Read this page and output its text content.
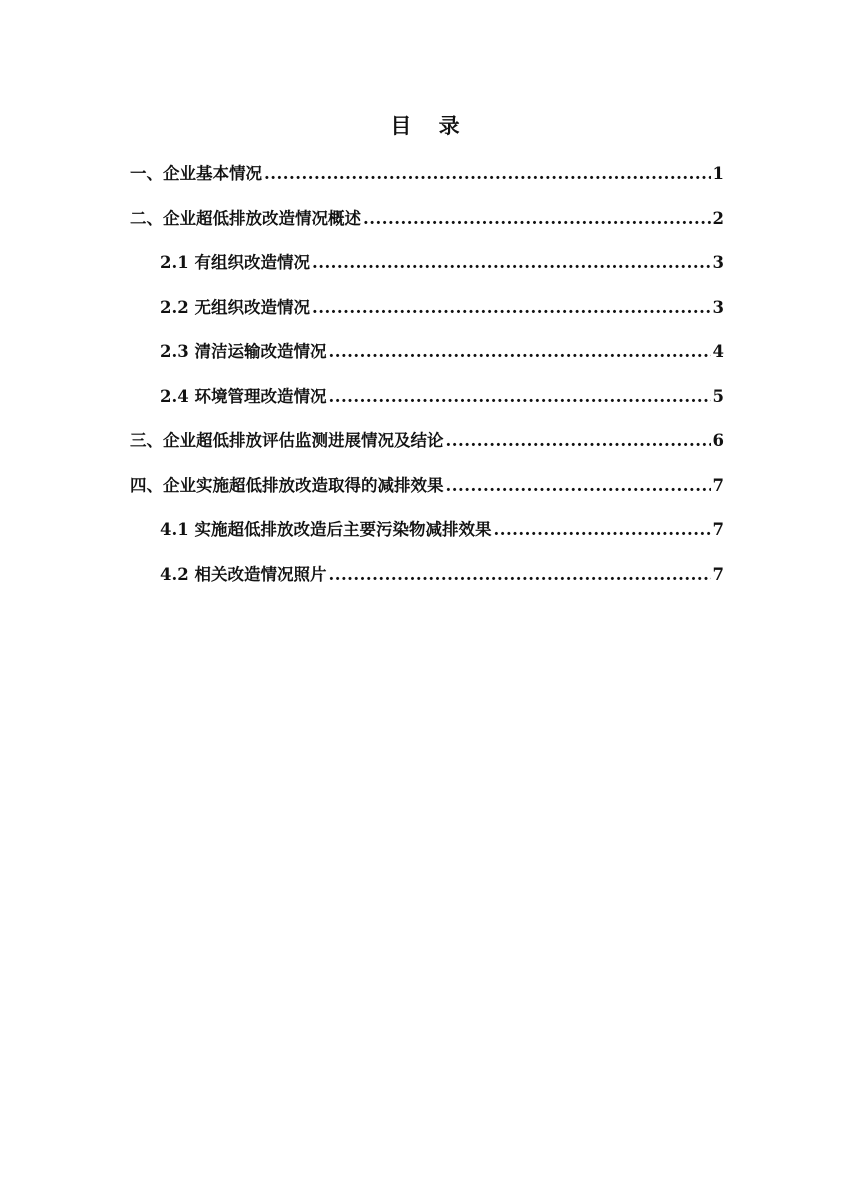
目 录
一、企业基本情况 .....	1
二、企业超低排放改造情况概述 .....	2
2.1 有组织改造情况 .....	3
2.2 无组织改造情况 .....	3
2.3 清洁运输改造情况 .....	4
2.4 环境管理改造情况 .....	5
三、企业超低排放评估监测进展情况及结论 .....	6
四、企业实施超低排放改造取得的减排效果 .....	7
4.1 实施超低排放改造后主要污染物减排效果 .....	7
4.2 相关改造情况照片 .....	7
